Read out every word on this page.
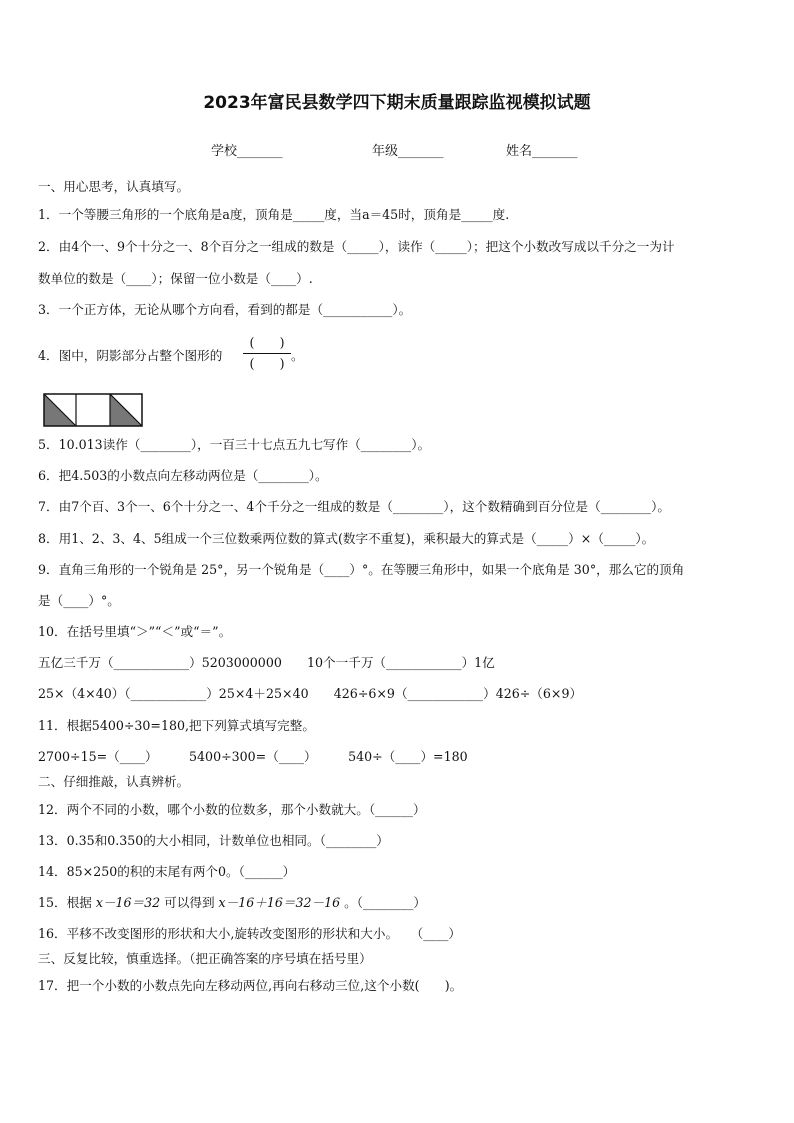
2023年富民县数学四下期末质量跟踪监视模拟试题
学校_______	年级_______	姓名_______
一、用心思考，认真填写。
1．一个等腰三角形的一个底角是a度，顶角是_____度，当a＝45时，顶角是_____度.
2．由4个一、9个十分之一、8个百分之一组成的数是（_____），读作（_____）；把这个小数改写成以千分之一为计
数单位的数是（____）；保留一位小数是（____）.
3．一个正方体，无论从哪个方向看，看到的都是（___________）。
4．图中，阴影部分占整个图形的
(　　)
(　　)
。
5．10.013读作（________），一百三十七点五九七写作（________）。
6．把4.503的小数点向左移动两位是（________）。
7．由7个百、3个一、6个十分之一、4个千分之一组成的数是（________），这个数精确到百分位是（________）。
8．用1、2、3、4、5组成一个三位数乘两位数的算式(数字不重复)，乘积最大的算式是（_____）×（_____）。
9．直角三角形的一个锐角是 25°，另一个锐角是（____）°。在等腰三角形中，如果一个底角是 30°，那么它的顶角
是（____）°。
10．在括号里填“＞”“＜”或“＝”。
五亿三千万（____________）5203000000　　10个一千万（____________）1亿
25×（4×40）（____________）25×4＋25×40　　426÷6×9（____________）426÷（6×9）
11．根据5400÷30=180,把下列算式填写完整。
2700÷15=（____）　　　5400÷300=（____）　　　540÷（____）=180
二、仔细推敲，认真辨析。
12．两个不同的小数，哪个小数的位数多，那个小数就大。（______）
13．0.35和0.350的大小相同，计数单位也相同。（________）
14．85×250的积的末尾有两个0。（______）
15．根据 x－16＝32 可以得到 x－16＋16＝32－16 。（________）
16．平移不改变图形的形状和大小,旋转改变图形的形状和大小。　　（____）
三、反复比较，慎重选择。（把正确答案的序号填在括号里）
17．把一个小数的小数点先向左移动两位,再向右移动三位,这个小数(　　)。
